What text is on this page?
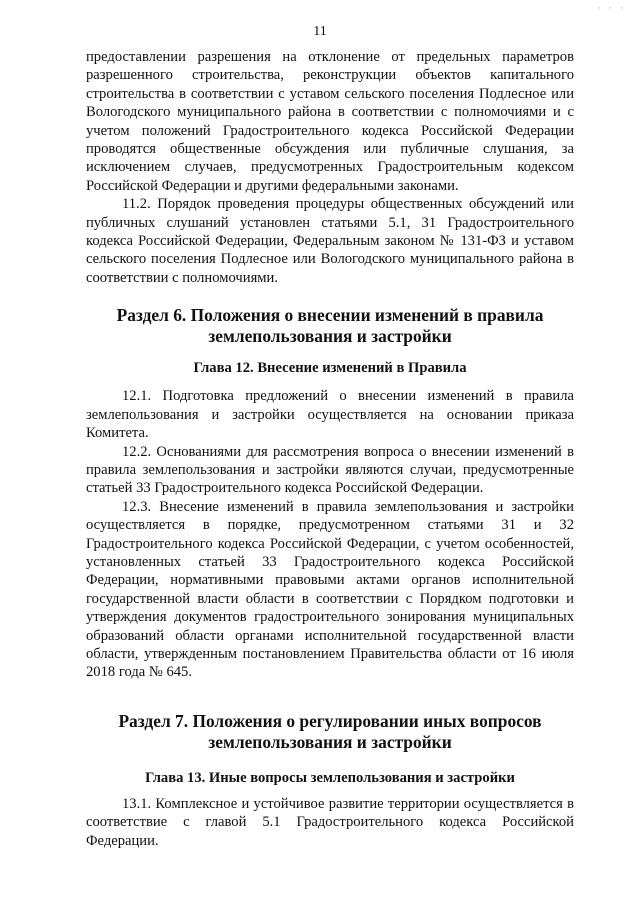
· · ·
11

предоставлении разрешения на отклонение от предельных параметров разрешенного строительства, реконструкции объектов капитального строительства в соответствии с уставом сельского поселения Подлесное или Вологодского муниципального района в соответствии с полномочиями и с учетом положений Градостроительного кодекса Российской Федерации проводятся общественные обсуждения или публичные слушания, за исключением случаев, предусмотренных Градостроительным кодексом Российской Федерации и другими федеральными законами.

11.2. Порядок проведения процедуры общественных обсуждений или публичных слушаний установлен статьями 5.1, 31 Градостроительного кодекса Российской Федерации, Федеральным законом № 131-ФЗ и уставом сельского поселения Подлесное или Вологодского муниципального района в соответствии с полномочиями.

Раздел 6. Положения о внесении изменений в правила землепользования и застройки
Глава 12. Внесение изменений в Правила

12.1. Подготовка предложений о внесении изменений в правила землепользования и застройки осуществляется на основании приказа Комитета.

12.2. Основаниями для рассмотрения вопроса о внесении изменений в правила землепользования и застройки являются случаи, предусмотренные статьей 33 Градостроительного кодекса Российской Федерации.

12.3. Внесение изменений в правила землепользования и застройки осуществляется в порядке, предусмотренном статьями 31 и 32 Градостроительного кодекса Российской Федерации, с учетом особенностей, установленных статьей 33 Градостроительного кодекса Российской Федерации, нормативными правовыми актами органов исполнительной государственной власти области в соответствии с Порядком подготовки и утверждения документов градостроительного зонирования муниципальных образований области органами исполнительной государственной власти области, утвержденным постановлением Правительства области от 16 июля 2018 года № 645.

Раздел 7. Положения о регулировании иных вопросов землепользования и застройки
Глава 13. Иные вопросы землепользования и застройки

13.1. Комплексное и устойчивое развитие территории осуществляется в соответствие с главой 5.1 Градостроительного кодекса Российской Федерации.
